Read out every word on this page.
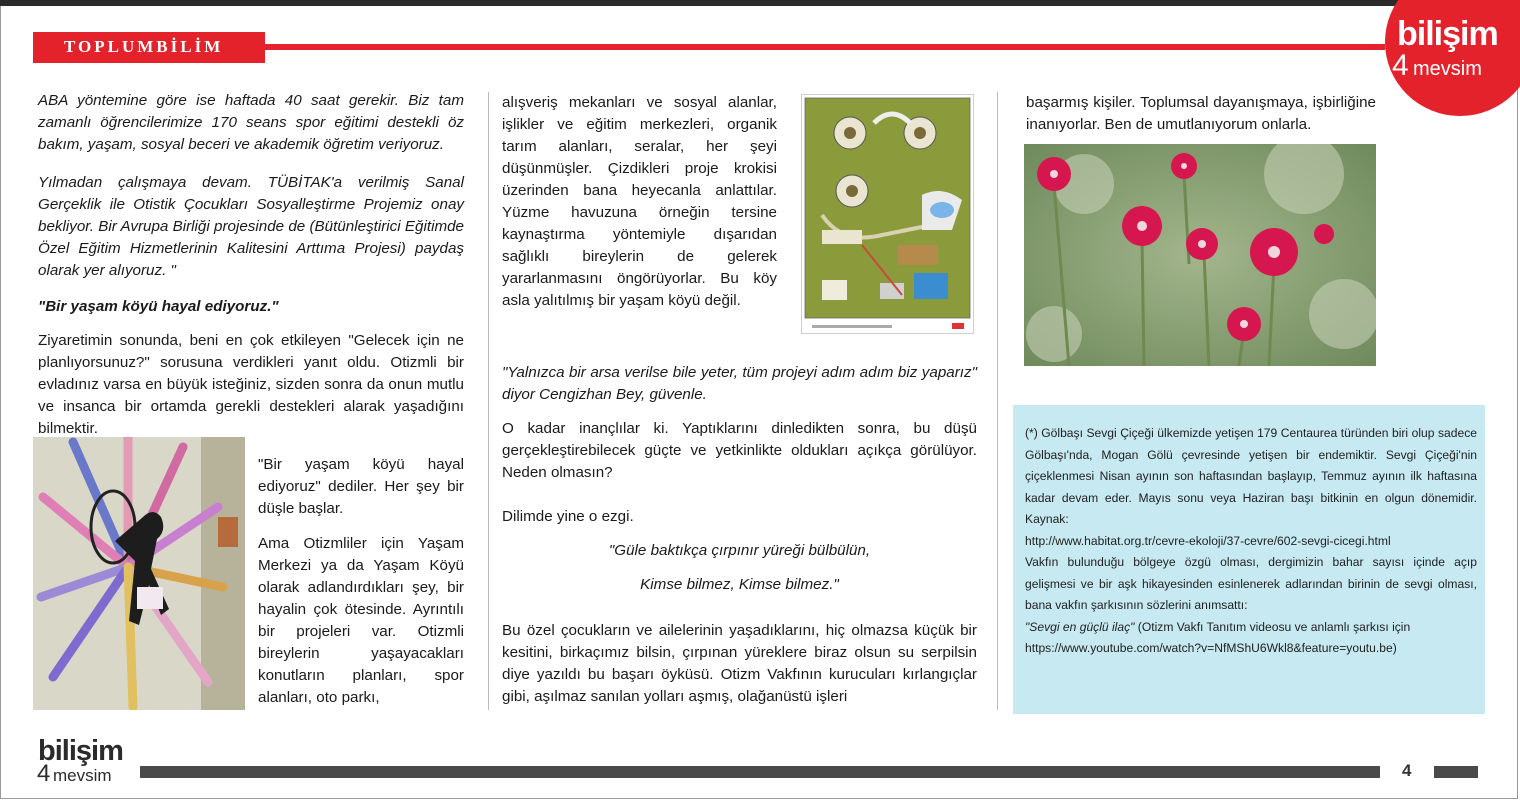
TOPLUMBİLİM	bilişim
4 mevsim
ABA yöntemine göre ise haftada 40 saat gerekir. Biz tam zamanlı öğrencilerimize 170 seans spor eğitimi destekli öz bakım, yaşam, sosyal beceri ve akademik öğretim veriyoruz.
Yılmadan çalışmaya devam. TÜBİTAK'a verilmiş Sanal Gerçeklik ile Otistik Çocukları Sosyalleştirme Projemiz onay bekliyor. Bir Avrupa Birliği projesinde de (Bütünleştirici Eğitimde Özel Eğitim Hizmetlerinin Kalitesini Arttıma Projesi) paydaş olarak yer alıyoruz. "
"Bir yaşam köyü hayal ediyoruz."
Ziyaretimin sonunda, beni en çok etkileyen "Gelecek için ne planlıyorsunuz?" sorusuna verdikleri yanıt oldu. Otizmli bir evladınız varsa en büyük isteğiniz, sizden sonra da onun mutlu ve insanca bir ortamda gerekli destekleri alarak yaşadığını bilmektir.
"Bir yaşam köyü hayal ediyoruz" dediler. Her şey bir düşle başlar.
Ama Otizmliler için Yaşam Merkezi ya da Yaşam Köyü olarak adlandırdıkları şey, bir hayalin çok ötesinde. Ayrıntılı bir projeleri var. Otizmli bireylerin yaşayacakları konutların planları, spor alanları, oto parkı,
alışveriş mekanları ve sosyal alanlar, işlikler ve eğitim merkezleri, organik tarım alanları, seralar, her şeyi düşünmüşler. Çizdikleri proje krokisi üzerinden bana heyecanla anlattılar. Yüzme havuzuna örneğin tersine kaynaştırma yöntemiyle dışarıdan sağlıklı bireylerin de gelerek yararlanmasını öngörüyorlar. Bu köy asla yalıtılmış bir yaşam köyü değil.
"Yalnızca bir arsa verilse bile yeter, tüm projeyi adım adım biz yaparız" diyor Cengizhan Bey, güvenle.
O kadar inançlılar ki. Yaptıklarını dinledikten sonra, bu düşü gerçekleştirebilecek güçte ve yetkinlikte oldukları açıkça görülüyor. Neden olmasın?
Dilimde yine o ezgi.
"Güle baktıkça çırpınır yüreği bülbülün,
Kimse bilmez, Kimse bilmez."
Bu özel çocukların ve ailelerinin yaşadıklarını, hiç olmazsa küçük bir kesitini, birkaçımız bilsin, çırpınan yüreklere biraz olsun su serpilsin diye yazıldı bu başarı öyküsü. Otizm Vakfının kurucuları kırlangıçlar gibi, aşılmaz sanılan yolları aşmış, olağanüstü işleri
başarmış kişiler. Toplumsal dayanışmaya, işbirliğine inanıyorlar. Ben de umutlanıyorum onlarla.

(*) Gölbaşı Sevgi Çiçeği ülkemizde yetişen 179 Centaurea türünden biri olup sadece Gölbaşı'nda, Mogan Gölü çevresinde yetişen bir endemiktir. Sevgi Çiçeği'nin çiçeklenmesi Nisan ayının son haftasından başlayıp, Temmuz ayının ilk haftasına kadar devam eder. Mayıs sonu veya Haziran başı bitkinin en olgun dönemidir. Kaynak:

http://www.habitat.org.tr/cevre-ekoloji/37-cevre/602-sevgi-cicegi.html

Vakfın bulunduğu bölgeye özgü olması, dergimizin bahar sayısı içinde açıp gelişmesi ve bir aşk hikayesinden esinlenerek adlarından birinin de sevgi olması, bana vakfın şarkısının sözlerini anımsattı:

"Sevgi en güçlü ilaç" (Otizm Vakfı Tanıtım videosu ve anlamlı şarkısı için

https://www.youtube.com/watch?v=NfMShU6Wkl8&feature=youtu.be)

bilişim
4 mevsim	4
